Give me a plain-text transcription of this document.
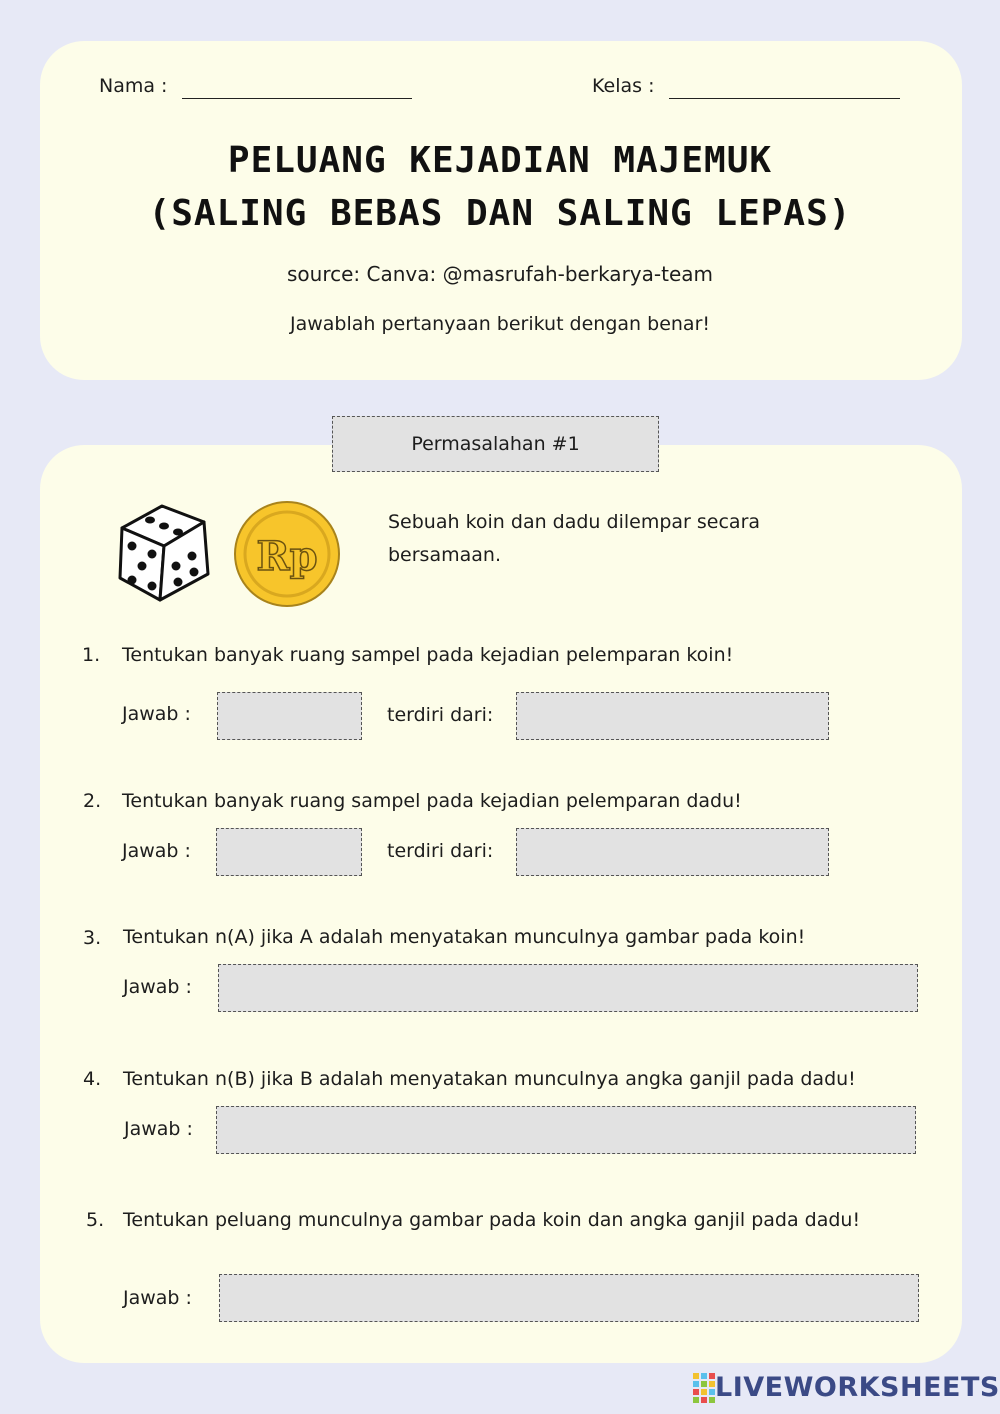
Nama :	Kelas :
PELUANG KEJADIAN MAJEMUK
(SALING BEBAS DAN SALING LEPAS)
source: Canva: @masrufah-berkarya-team
Jawablah pertanyaan berikut dengan benar!
Permasalahan #1
Rp
Sebuah koin dan dadu dilempar secara bersamaan.
1. Tentukan banyak ruang sampel pada kejadian pelemparan koin!
Jawab :	terdiri dari:
2. Tentukan banyak ruang sampel pada kejadian pelemparan dadu!
Jawab :	terdiri dari:
3. Tentukan n(A) jika A adalah menyatakan munculnya gambar pada koin!
Jawab :
4. Tentukan n(B) jika B adalah menyatakan munculnya angka ganjil pada dadu!
Jawab :
5. Tentukan peluang munculnya gambar pada koin dan angka ganjil pada dadu!
Jawab :
LIVEWORKSHEETS
